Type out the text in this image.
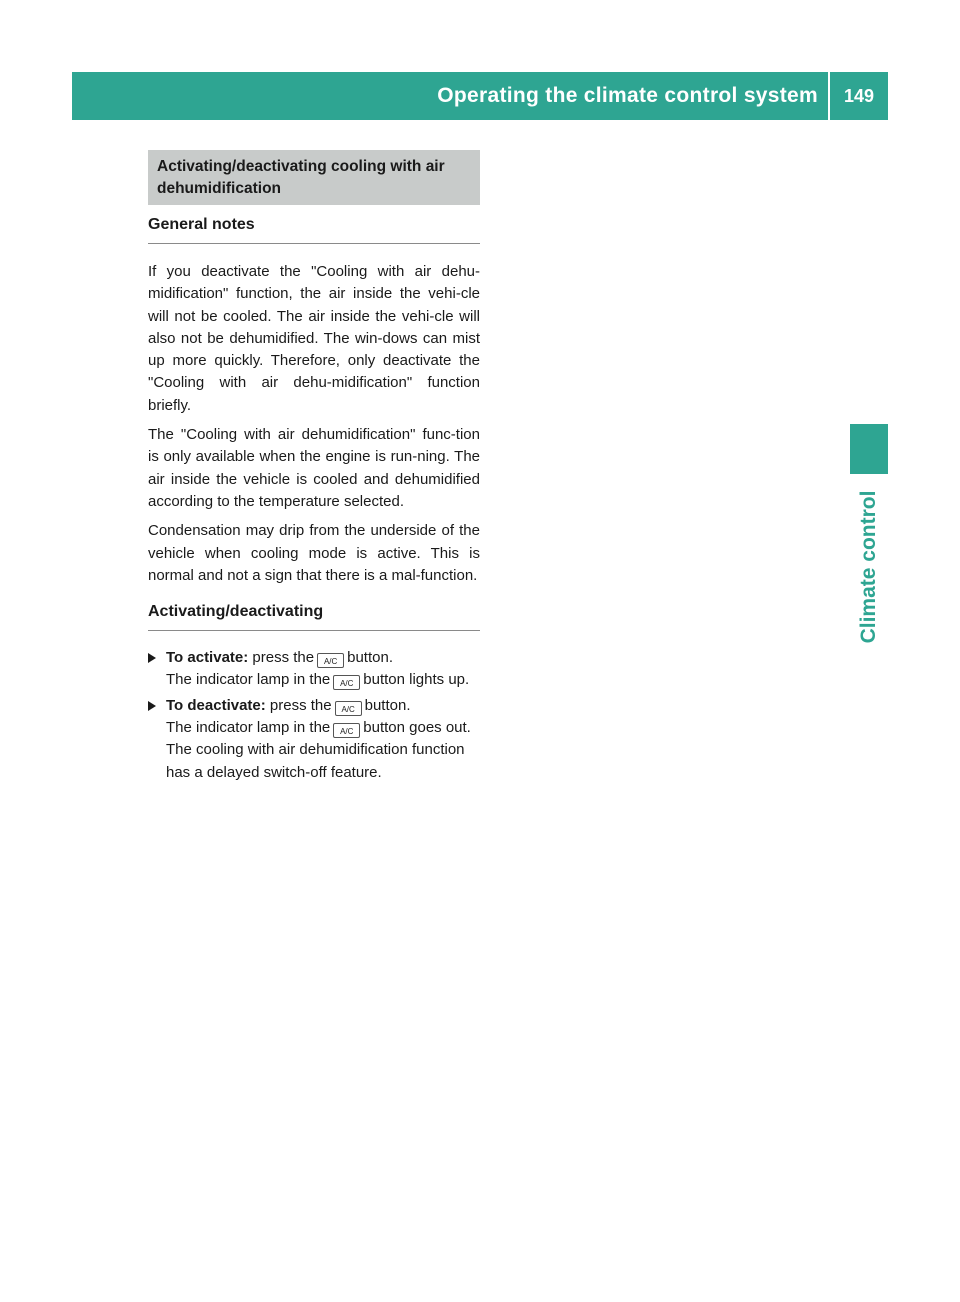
Operating the climate control system	149
Climate control
Activating/deactivating cooling with air dehumidification
General notes

If you deactivate the "Cooling with air dehu-midification" function, the air inside the vehi-cle will not be cooled. The air inside the vehi-cle will also not be dehumidified. The win-dows can mist up more quickly. Therefore, only deactivate the "Cooling with air dehu-midification" function briefly.

The "Cooling with air dehumidification" func-tion is only available when the engine is run-ning. The air inside the vehicle is cooled and dehumidified according to the temperature selected.

Condensation may drip from the underside of the vehicle when cooling mode is active. This is normal and not a sign that there is a mal-function.

Activating/deactivating
To activate: press the A/C button.
The indicator lamp in the A/C button lights up.
To deactivate: press the A/C button.
The indicator lamp in the A/C button goes out. The cooling with air dehumidification function has a delayed switch-off feature.
